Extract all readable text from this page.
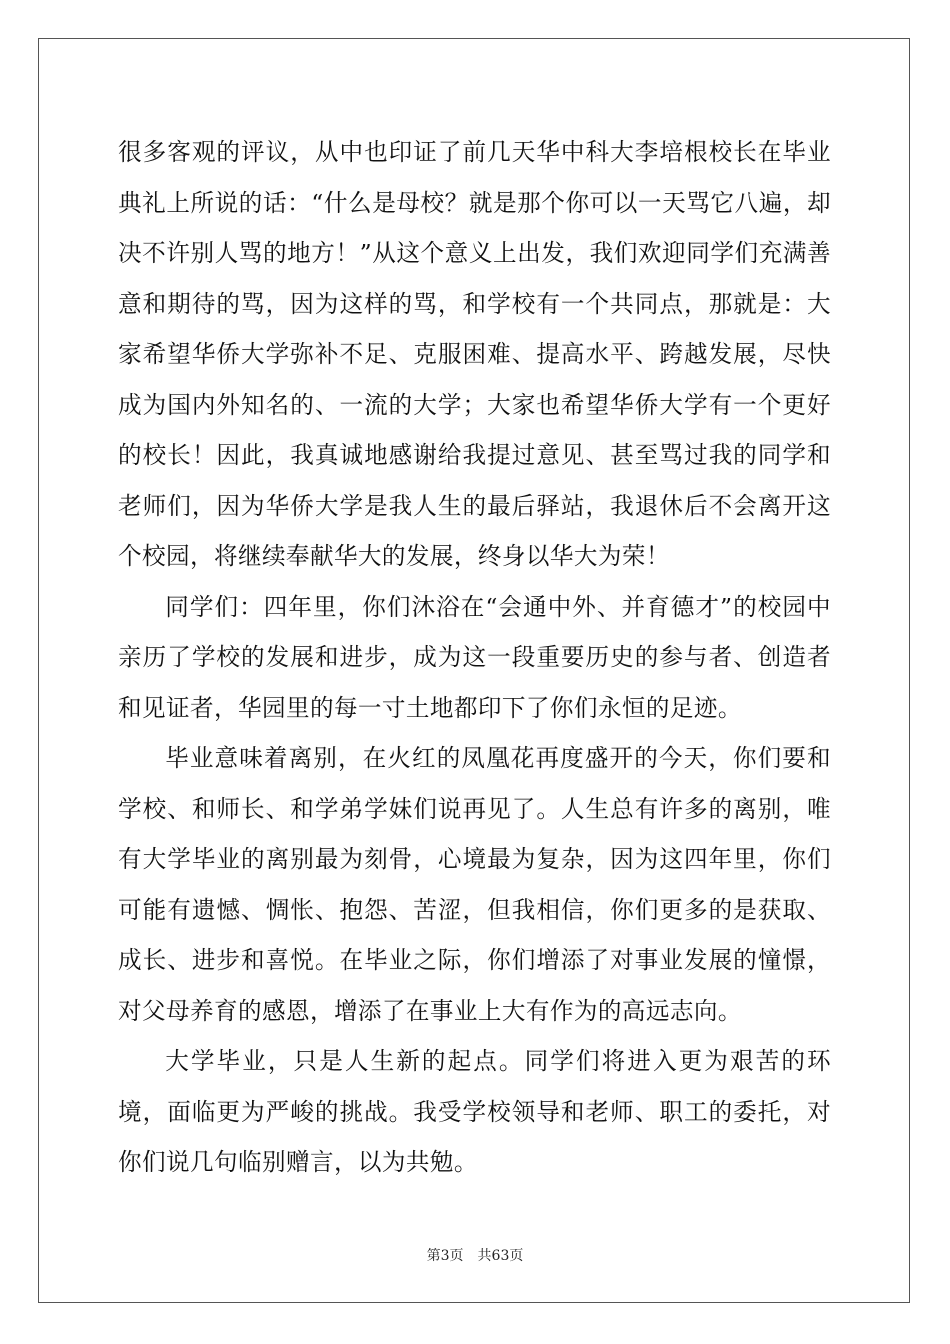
很多客观的评议，从中也印证了前几天华中科大李培根校长在毕业典礼上所说的话：“什么是母校？就是那个你可以一天骂它八遍，却决不许别人骂的地方！”从这个意义上出发，我们欢迎同学们充满善意和期待的骂，因为这样的骂，和学校有一个共同点，那就是：大家希望华侨大学弥补不足、克服困难、提高水平、跨越发展，尽快成为国内外知名的、一流的大学；大家也希望华侨大学有一个更好的校长！因此，我真诚地感谢给我提过意见、甚至骂过我的同学和老师们，因为华侨大学是我人生的最后驿站，我退休后不会离开这个校园，将继续奉献华大的发展，终身以华大为荣！

同学们：四年里，你们沐浴在“会通中外、并育德才”的校园中亲历了学校的发展和进步，成为这一段重要历史的参与者、创造者和见证者，华园里的每一寸土地都印下了你们永恒的足迹。

毕业意味着离别，在火红的凤凰花再度盛开的今天，你们要和学校、和师长、和学弟学妹们说再见了。人生总有许多的离别，唯有大学毕业的离别最为刻骨，心境最为复杂，因为这四年里，你们可能有遗憾、惆怅、抱怨、苦涩，但我相信，你们更多的是获取、成长、进步和喜悦。在毕业之际，你们增添了对事业发展的憧憬，对父母养育的感恩，增添了在事业上大有作为的高远志向。

大学毕业，只是人生新的起点。同学们将进入更为艰苦的环境，面临更为严峻的挑战。我受学校领导和老师、职工的委托，对你们说几句临别赠言，以为共勉。

第3页 共63页
